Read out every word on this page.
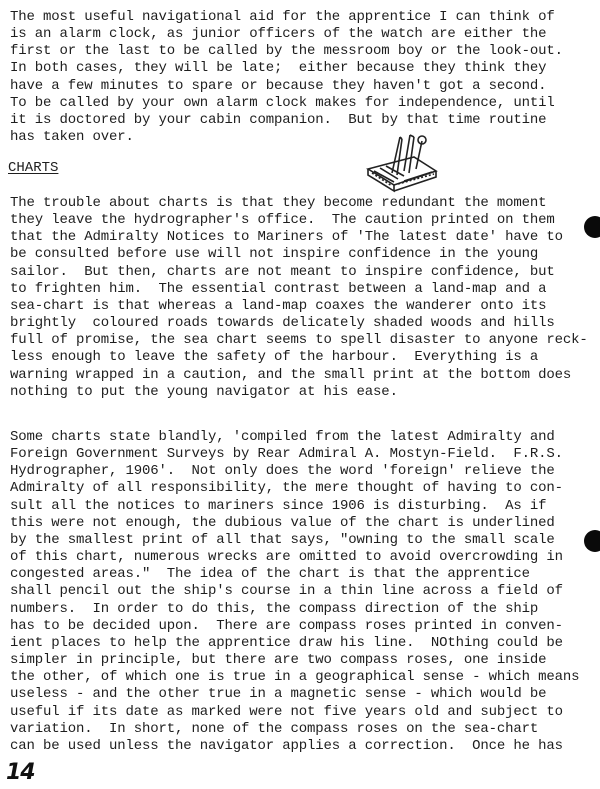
The most useful navigational aid for the apprentice I can think of
is an alarm clock, as junior officers of the watch are either the
first or the last to be called by the messroom boy or the look-out.
In both cases, they will be late;  either because they think they
have a few minutes to spare or because they haven't got a second.
To be called by your own alarm clock makes for independence, until
it is doctored by your cabin companion.  But by that time routine
has taken over.

CHARTS

The trouble about charts is that they become redundant the moment
they leave the hydrographer's office.  The caution printed on them
that the Admiralty Notices to Mariners of 'The latest date' have to
be consulted before use will not inspire confidence in the young
sailor.  But then, charts are not meant to inspire confidence, but
to frighten him.  The essential contrast between a land-map and a
sea-chart is that whereas a land-map coaxes the wanderer onto its
brightly  coloured roads towards delicately shaded woods and hills
full of promise, the sea chart seems to spell disaster to anyone reck-
less enough to leave the safety of the harbour.  Everything is a
warning wrapped in a caution, and the small print at the bottom does
nothing to put the young navigator at his ease.

Some charts state blandly, 'compiled from the latest Admiralty and
Foreign Government Surveys by Rear Admiral A. Mostyn-Field.  F.R.S.
Hydrographer, 1906'.  Not only does the word 'foreign' relieve the
Admiralty of all responsibility, the mere thought of having to con-
sult all the notices to mariners since 1906 is disturbing.  As if
this were not enough, the dubious value of the chart is underlined
by the smallest print of all that says, "owning to the small scale
of this chart, numerous wrecks are omitted to avoid overcrowding in
congested areas."  The idea of the chart is that the apprentice
shall pencil out the ship's course in a thin line across a field of
numbers.  In order to do this, the compass direction of the ship
has to be decided upon.  There are compass roses printed in conven-
ient places to help the apprentice draw his line.  NOthing could be
simpler in principle, but there are two compass roses, one inside
the other, of which one is true in a geographical sense - which means
useless - and the other true in a magnetic sense - which would be
useful if its date as marked were not five years old and subject to
variation.  In short, none of the compass roses on the sea-chart
can be used unless the navigator applies a correction.  Once he has

14
